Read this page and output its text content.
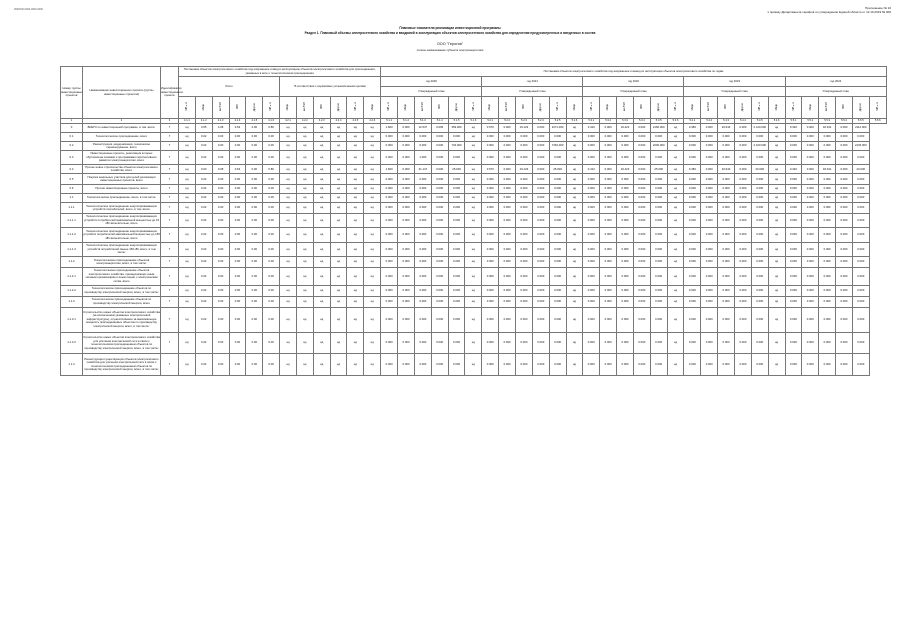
0000000-0000-0000-0000	Приложение № 10
к приказу Департамента тарифов по утверждению Единой области от 12.10.2019 № 000
Плановые показатели реализации инвестиционной программы
Раздел 1. Плановый объемы электросетевого хозяйства и вводимой в эксплуатацию объектов электросетевого хозяйства для определения предусмотренных и введенных в состав
ООО "Герогия"
полное наименование субъекта электроэнергетики
Номер группы инвестиционных проектов	Наименование инвестиционного проекта (группы инвестиционных проектов)	Идентификатор инвестиционного проекта	Постановка объектов электросетевого хозяйства под напряжение и ввод в эксплуатацию объектов электросетевого хозяйства для присоединения, указанных в акте о технологическом присоединении												Постановка объектов электросетевого хозяйства под напряжение и вывод из эксплуатации объектов электросетевого хозяйства по годам																													
			Итого						В соответствии с нормативно установленными целями						год 2020						год 2021						год 2022						год 2023						год 2024					
															Утвержденный план						Утвержденный план						Утвержденный план						Утвержденный план						Утвержденный план					
			МВ×А	Мвар	км ЛЭП	МВт	Другое	МВ×А	Мвар	км ЛЭП	МВт	Другое	МВ×А	Мвар	МВ×А	Мвар	км ЛЭП	МВт	Другое	МВ×А	Мвар	км ЛЭП	МВт	Другое	МВ×А	Мвар	МВ×А	Мвар	км ЛЭП	МВт	Другое	МВ×А	Мвар	км ЛЭП	МВт	Другое	МВ×А	Мвар	МВ×А	Мвар	км ЛЭП	МВт	Другое	МВ×А
1	2	3	4.1.1	4.1.2	4.1.3	4.1.4	4.1.5	4.1.6	4.2.1	4.2.2	4.2.3	4.2.4	4.2.5	4.2.6	5.1.1	5.1.2	5.1.3	5.1.4	5.1.5	5.1.6	5.2.1	5.2.2	5.2.3	5.2.4	5.2.5	5.2.6	5.3.1	5.3.2	5.3.3	5.3.4	5.3.5	5.3.6	5.4.1	5.4.2	5.4.3	5.4.4	5.4.5	5.4.6	5.5.1	5.5.2	5.5.3	5.5.4	5.5.5	5.5.6
0	ВСЕГО по инвестиционной программе, в том числе:	Г	нд	0.65	4.08	0.63	0.00	0.86	нд	нд	нд	нд	нд	нд	1.820	0.000	12.547	0.096	359.000	нд	0.570	0.000	19.123	0.000	2271.000	нд	0.410	0.000	19.423	0.000	2160.000	нд	0.483	0.000	20.643	0.000	2 120.000	нд	0.320	0.000	18.341	0.000	2112.000	
0.1	Технологическое присоединение, всего	Г	нд	0.02	0.00	0.00	0.00	0.00	нд	нд	нд	нд	нд	нд	0.000	0.000	0.000	0.000	0.000	нд	0.000	0.000	0.000	0.000	0.000	нд	0.000	0.000	0.000	0.000	0.000	нд	0.000	0.000	0.000	0.000	0.000	нд	0.000	0.000	0.000	0.000	0.000	
0.2	Реконструкция, модернизация, техническое перевооружение, всего	Г	нд	0.02	0.00	0.00	0.00	0.00	нд	нд	нд	нд	нд	нд	0.000	0.000	0.000	0.000	734.000	нд	0.000	0.000	0.000	0.000	7264.000	нд	0.000	0.000	0.000	0.000	2200.000	нд	0.000	0.000	0.000	0.000	2 100.000	нд	0.000	0.000	0.000	0.000	2103.000	
0.3	Инвестиционные проекты, реализация которых обусловлена схемами и программами перспективного развития электроэнергетики, всего	Г	нд	0.02	0.00	0.00	0.00	0.00	нд	нд	нд	нд	нд	нд	0.000	0.000	1.000	0.000	0.000	нд	0.000	0.000	0.000	0.000	0.000	нд	0.000	0.000	0.000	0.000	0.000	нд	0.000	0.000	0.000	0.000	0.000	нд	0.000	0.000	0.000	0.000	0.000	
0.4	Прочее новое строительство объектов электросетевого хозяйства, всего	Г	нд	0.63	0.08	0.63	0.00	0.86	нд	нд	нд	нд	нд	нд	1.820	0.000	21.147	0.000	25.000	нд	0.570	0.000	19.123	0.000	25.000	нд	0.410	0.000	19.423	0.000	25.000	нд	0.483	0.000	20.643	0.000	20.000	нд	0.320	0.000	18.341	0.000	20.000	
0.5	Покупка земельных участков для целей реализации инвестиционных проектов, всего	Г	нд	0.02	0.00	0.00	0.00	0.00	нд	нд	нд	нд	нд	нд	0.000	0.000	0.000	0.000	0.000	нд	0.000	0.000	0.000	0.000	0.000	нд	0.000	0.000	0.000	0.000	0.000	нд	0.000	0.000	0.000	0.000	0.000	нд	0.000	0.000	0.000	0.000	0.000	
0.6	Прочие инвестиционные проекты, всего	Г	нд	0.02	0.00	0.00	0.00	0.00	нд	нд	нд	нд	нд	нд	0.000	0.000	0.000	0.000	0.000	нд	0.000	0.000	0.000	0.000	0.000	нд	0.000	0.000	0.000	0.000	0.000	нд	0.000	0.000	0.000	0.000	0.000	нд	0.000	0.000	0.000	0.000	0.000	
1.1	Технологическое присоединение, всего, в том числе:	Г	нд	0.02	0.00	0.00	0.00	0.00	нд	нд	нд	нд	нд	нд	0.000	0.000	0.000	0.000	0.000	нд	0.000	0.000	0.000	0.000	0.000	нд	0.000	0.000	0.000	0.000	0.000	нд	0.000	0.000	0.000	0.000	0.000	нд	0.000	0.000	0.000	0.000	0.000	
1.1.1	Технологическое присоединение энергопринимающих устройств потребителей, всего, в том числе:	Г	нд	0.02	0.00	0.00	0.00	0.00	нд	нд	нд	нд	нд	нд	0.000	0.000	0.000	0.000	0.000	нд	0.000	0.000	0.000	0.000	0.000	нд	0.000	0.000	0.000	0.000	0.000	нд	0.000	0.000	0.000	0.000	0.000	нд	0.000	0.000	0.000	0.000	0.000	
1.1.1.1	Технологическое присоединение энергопринимающих устройств потребителей максимальной мощностью до 15 кВт включительно, всего	Г	нд	0.02	0.00	0.00	0.00	0.00	нд	нд	нд	нд	нд	нд	0.000	0.000	0.000	0.000	0.000	нд	0.000	0.000	0.000	0.000	0.000	нд	0.000	0.000	0.000	0.000	0.000	нд	0.000	0.000	0.000	0.000	0.000	нд	0.000	0.000	0.000	0.000	0.000	
1.1.1.2	Технологическое присоединение энергопринимающих устройств потребителей максимальной мощностью до 150 кВт включительно, всего	Г	нд	0.02	0.00	0.00	0.00	0.00	нд	нд	нд	нд	нд	нд	0.000	0.000	0.000	0.000	0.000	нд	0.000	0.000	0.000	0.000	0.000	нд	0.000	0.000	0.000	0.000	0.000	нд	0.000	0.000	0.000	0.000	0.000	нд	0.000	0.000	0.000	0.000	0.000	
1.1.1.3	Технологическое присоединение энергопринимающих устройств потребителей свыше 150 кВт, всего, в том числе:	Г	нд	0.02	0.00	0.00	0.00	0.00	нд	нд	нд	нд	нд	нд	0.000	0.000	0.000	0.000	0.000	нд	0.000	0.000	0.000	0.000	0.000	нд	0.000	0.000	0.000	0.000	0.000	нд	0.000	0.000	0.000	0.000	0.000	нд	0.000	0.000	0.000	0.000	0.000	
1.1.2	Технологическое присоединение объектов электроэнергетики, всего, в том числе:	Г	нд	0.02	0.00	0.00	0.00	0.00	нд	нд	нд	нд	нд	нд	0.000	0.000	0.000	0.000	0.000	нд	0.000	0.000	0.000	0.000	0.000	нд	0.000	0.000	0.000	0.000	0.000	нд	0.000	0.000	0.000	0.000	0.000	нд	0.000	0.000	0.000	0.000	0.000	
1.1.2.1	Технологическое присоединение объектов электросетевого хозяйства, принадлежащих иным сетевым организациям и иным лицам, к электрическим сетям, всего	Г	нд	0.02	0.00	0.00	0.00	0.00	нд	нд	нд	нд	нд	нд	0.000	0.000	0.000	0.000	0.000	нд	0.000	0.000	0.000	0.000	0.000	нд	0.000	0.000	0.000	0.000	0.000	нд	0.000	0.000	0.000	0.000	0.000	нд	0.000	0.000	0.000	0.000	0.000	
1.1.2.2	Технологическое присоединение объектов по производству электрической энергии, всего, в том числе:	Г	нд	0.02	0.00	0.00	0.00	0.00	нд	нд	нд	нд	нд	нд	0.000	0.000	0.000	0.000	0.000	нд	0.000	0.000	0.000	0.000	0.000	нд	0.000	0.000	0.000	0.000	0.000	нд	0.000	0.000	0.000	0.000	0.000	нд	0.000	0.000	0.000	0.000	0.000	
1.1.3	Технологическое присоединение объектов по производству электрической энергии, всего	Г	нд	0.02	0.00	0.00	0.00	0.00	нд	нд	нд	нд	нд	нд	0.000	0.000	0.000	0.000	0.000	нд	0.000	0.000	0.000	0.000	0.000	нд	0.000	0.000	0.000	0.000	0.000	нд	0.000	0.000	0.000	0.000	0.000	нд	0.000	0.000	0.000	0.000	0.000	
1.1.3.1	Строительство новых объектов электросетевого хозяйства (за исключением указанных электросетевой инфраструктуры), осуществляемое за максимальную мощность присоединяемых объектов по производству электрической энергии, всего, в том числе:	Г	нд	0.02	0.00	0.00	0.00	0.00	нд	нд	нд	нд	нд	нд	0.000	0.000	0.000	0.000	0.000	нд	0.000	0.000	0.000	0.000	0.000	нд	0.000	0.000	0.000	0.000	0.000	нд	0.000	0.000	0.000	0.000	0.000	нд	0.000	0.000	0.000	0.000	0.000	
1.1.3.2	Строительство новых объектов электросетевого хозяйства для усиления электрической сети в связи с технологическим присоединением объектов по производству электрической энергии, всего, в том числе:	Г	нд	0.02	0.00	0.00	0.00	0.00	нд	нд	нд	нд	нд	нд	0.000	0.000	0.000	0.000	0.000	нд	0.000	0.000	0.000	0.000	0.000	нд	0.000	0.000	0.000	0.000	0.000	нд	0.000	0.000	0.000	0.000	0.000	нд	0.000	0.000	0.000	0.000	0.000	
1.1.4	Реконструкция существующих объектов электросетевого хозяйства для усиления электрической сети в связи с технологическим присоединением объектов по производству электрической энергии, всего, в том числе:	Г	нд	0.02	0.00	0.00	0.00	0.00	нд	нд	нд	нд	нд	нд	0.000	0.000	0.000	0.000	0.000	нд	0.000	0.000	0.000	0.000	0.000	нд	0.000	0.000	0.000	0.000	0.000	нд	0.000	0.000	0.000	0.000	0.000	нд	0.000	0.000	0.000	0.000	0.000	
